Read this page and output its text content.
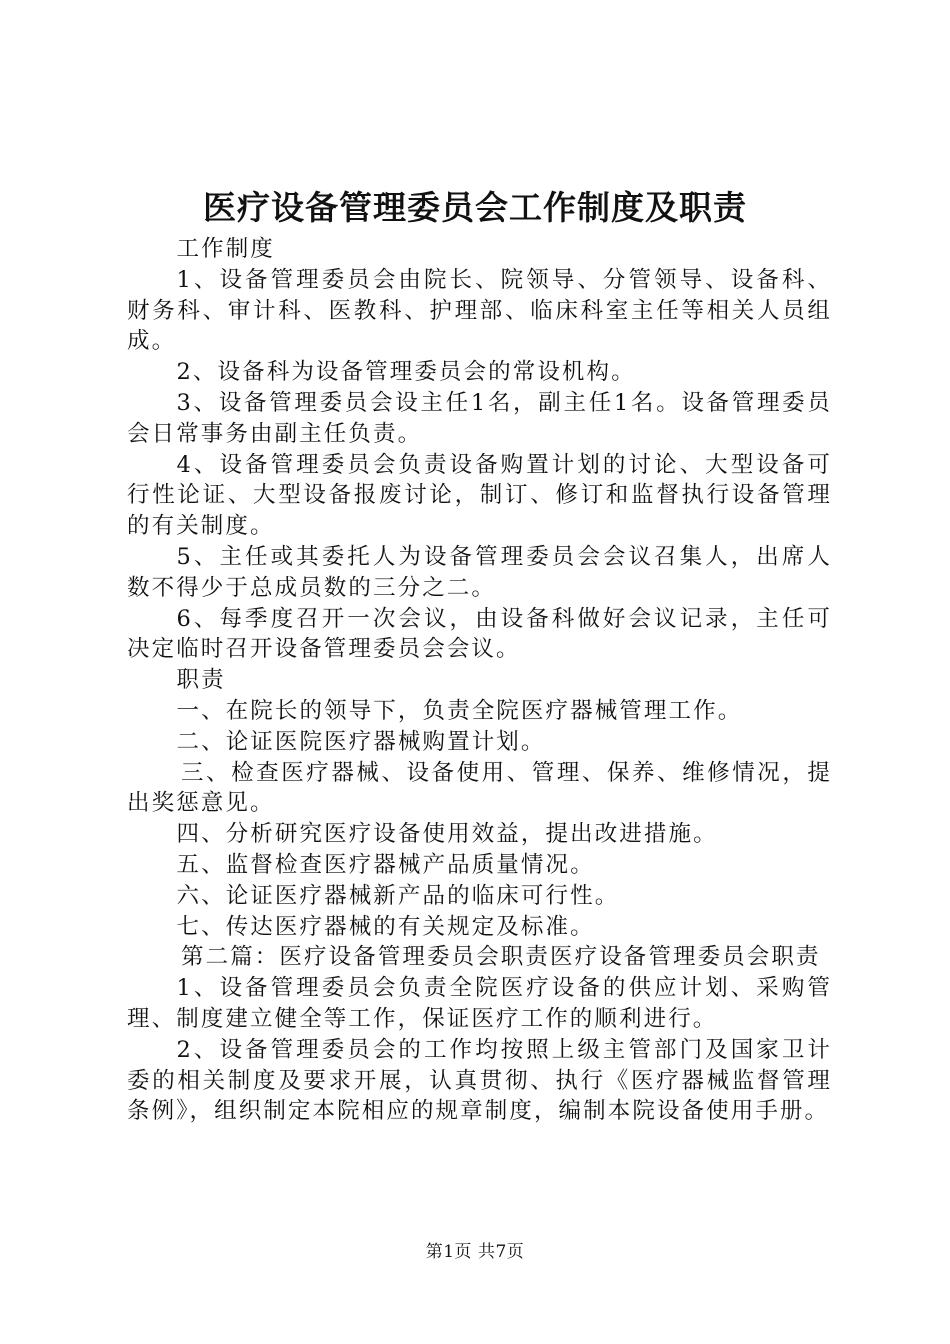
医疗设备管理委员会工作制度及职责

工作制度

1、设备管理委员会由院长、院领导、分管领导、设备科、财务科、审计科、医教科、护理部、临床科室主任等相关人员组成。

2、设备科为设备管理委员会的常设机构。

3、设备管理委员会设主任1名，副主任1名。设备管理委员会日常事务由副主任负责。

4、设备管理委员会负责设备购置计划的讨论、大型设备可行性论证、大型设备报废讨论，制订、修订和监督执行设备管理的有关制度。

5、主任或其委托人为设备管理委员会会议召集人，出席人数不得少于总成员数的三分之二。

6、每季度召开一次会议，由设备科做好会议记录，主任可决定临时召开设备管理委员会会议。

职责

一、在院长的领导下，负责全院医疗器械管理工作。

二、论证医院医疗器械购置计划。

三、检查医疗器械、设备使用、管理、保养、维修情况，提出奖惩意见。

四、分析研究医疗设备使用效益，提出改进措施。

五、监督检查医疗器械产品质量情况。

六、论证医疗器械新产品的临床可行性。

七、传达医疗器械的有关规定及标准。

第二篇：医疗设备管理委员会职责医疗设备管理委员会职责

1、设备管理委员会负责全院医疗设备的供应计划、采购管理、制度建立健全等工作，保证医疗工作的顺利进行。

2、设备管理委员会的工作均按照上级主管部门及国家卫计委的相关制度及要求开展，认真贯彻、执行《医疗器械监督管理条例》，组织制定本院相应的规章制度，编制本院设备使用手册。

第1页 共7页
